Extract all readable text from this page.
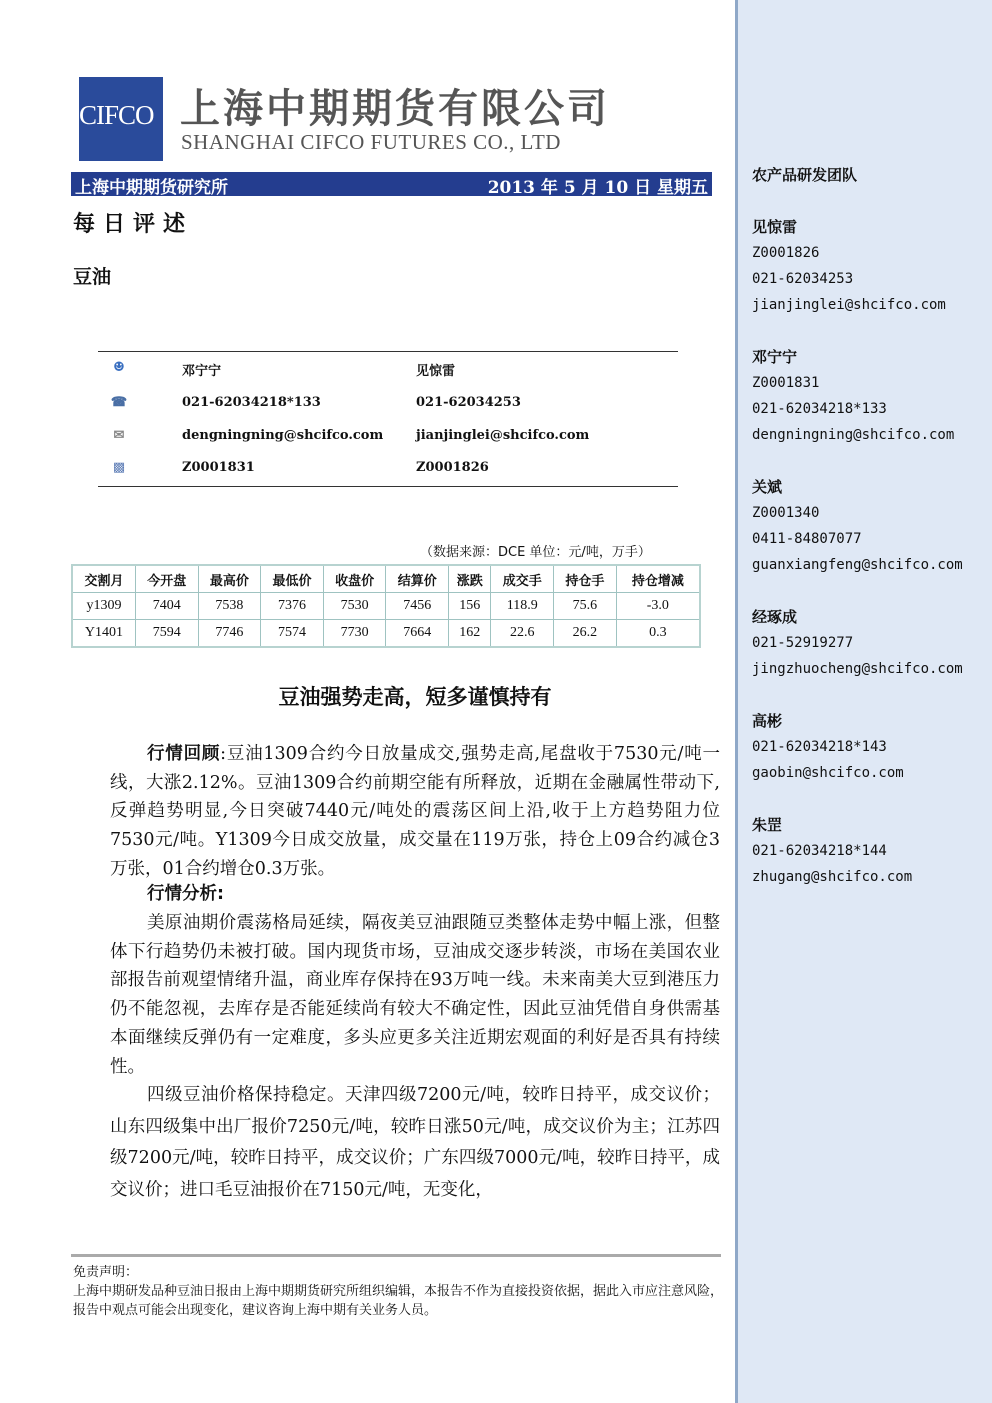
CIFCO 上海中期期货有限公司
SHANGHAI CIFCO FUTURES CO., LTD
上海中期期货研究所	2013 年 5 月 10 日 星期五
每日评述
豆油
☻	邓宁宁	见惊雷
☎	021-62034218*133	021-62034253
✉	dengningning@shcifco.com	jianjinglei@shcifco.com
▩	Z0001831	Z0001826
（数据来源：DCE 单位：元/吨，万手）
交割月	今开盘	最高价	最低价	收盘价	结算价	涨跌	成交手	持仓手	持仓增减
y1309	7404	7538	7376	7530	7456	156	118.9	75.6	-3.0
Y1401	7594	7746	7574	7730	7664	162	22.6	26.2	0.3
豆油强势走高，短多谨慎持有
行情回顾:豆油1309合约今日放量成交,强势走高,尾盘收于7530元/吨一线，大涨2.12%。豆油1309合约前期空能有所释放，近期在金融属性带动下,反弹趋势明显,今日突破7440元/吨处的震荡区间上沿,收于上方趋势阻力位7530元/吨。Y1309今日成交放量，成交量在119万张，持仓上09合约减仓3万张，01合约增仓0.3万张。
行情分析:
美原油期价震荡格局延续，隔夜美豆油跟随豆类整体走势中幅上涨，但整体下行趋势仍未被打破。国内现货市场，豆油成交逐步转淡，市场在美国农业部报告前观望情绪升温，商业库存保持在93万吨一线。未来南美大豆到港压力仍不能忽视，去库存是否能延续尚有较大不确定性，因此豆油凭借自身供需基本面继续反弹仍有一定难度，多头应更多关注近期宏观面的利好是否具有持续性。
四级豆油价格保持稳定。天津四级7200元/吨，较昨日持平，成交议价；山东四级集中出厂报价7250元/吨，较昨日涨50元/吨，成交议价为主；江苏四级7200元/吨，较昨日持平，成交议价；广东四级7000元/吨，较昨日持平，成交议价；进口毛豆油报价在7150元/吨，无变化，
免责声明：
上海中期研发品种豆油日报由上海中期期货研究所组织编辑，本报告不作为直接投资依据，据此入市应注意风险，报告中观点可能会出现变化，建议咨询上海中期有关业务人员。
农产品研发团队
见惊雷
Z0001826
021-62034253
jianjinglei@shcifco.com
邓宁宁
Z0001831
021-62034218*133
dengningning@shcifco.com
关斌
Z0001340
0411-84807077
guanxiangfeng@shcifco.com
经琢成
021-52919277
jingzhuocheng@shcifco.com
高彬
021-62034218*143
gaobin@shcifco.com
朱罡
021-62034218*144
zhugang@shcifco.com
